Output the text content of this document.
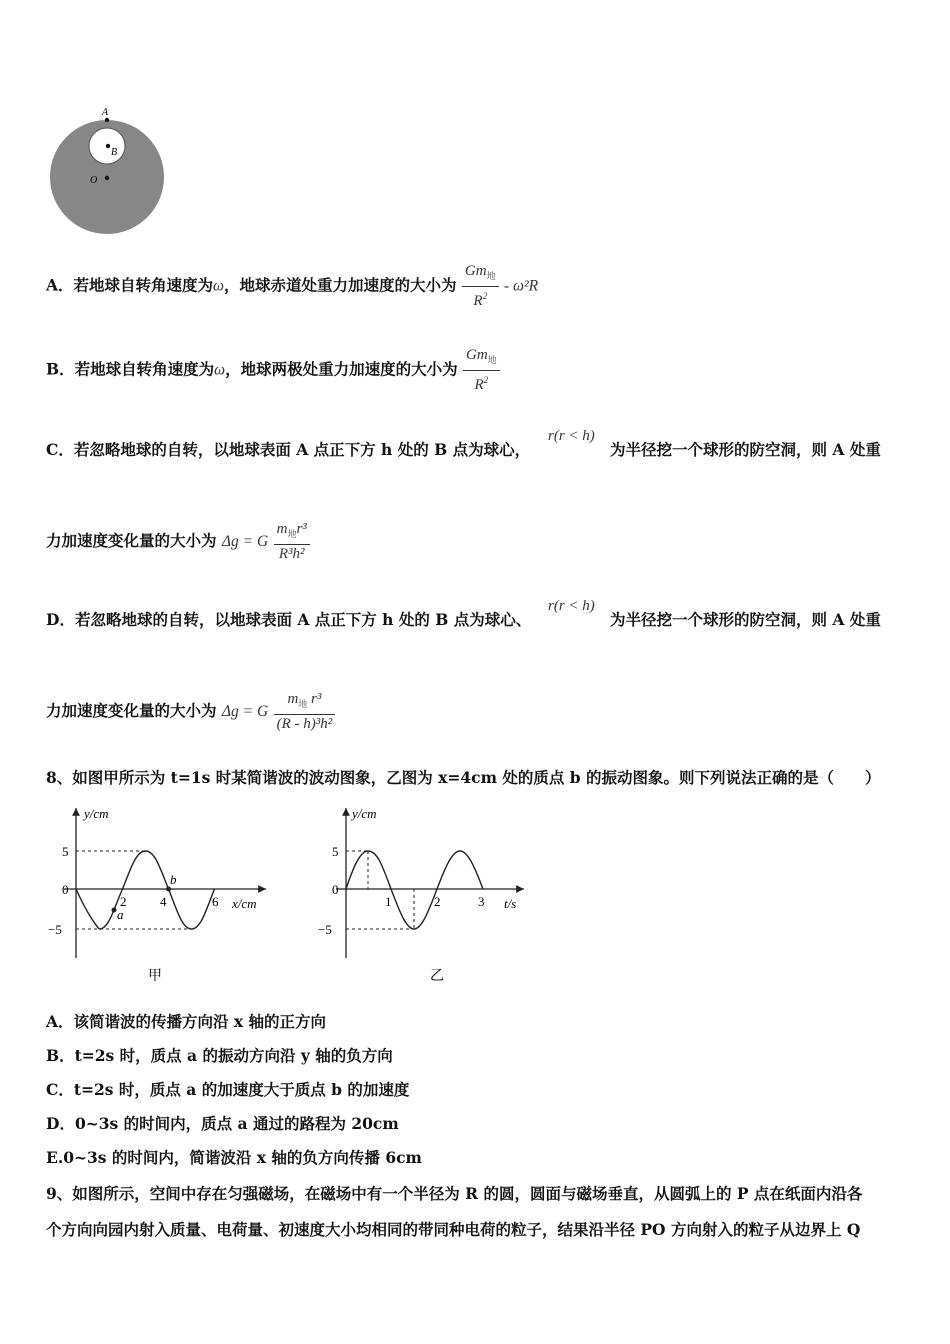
A
B
O
A．若地球自转角速度为ω，地球赤道处重力加速度的大小为 $\frac{Gm_地}{R^2} - \omega^2R$
B．若地球自转角速度为ω，地球两极处重力加速度的大小为 $\frac{Gm_地}{R^2}$
C．若忽略地球的自转，以地球表面 A 点正下方 h 处的 B 点为球心，
r(r < h)
为半径挖一个球形的防空洞，则 A 处重
力加速度变化量的大小为 Δg = G $\frac{m_地r^3}{\text{R³h²}}$
D．若忽略地球的自转，以地球表面 A 点正下方 h 处的 B 点为球心、
r(r < h)
为半径挖一个球形的防空洞，则 A 处重
力加速度变化量的大小为 Δg = G $\frac{m_地 r^3}{\text{(R - h)³h²}}$
8、如图甲所示为 t=1s 时某简谐波的波动图象，乙图为 x=4cm 处的质点 b 的振动图象。则下列说法正确的是（　　）
y/cm
x/cm
5
0
−5
2	4	6
a
b
甲
y/cm
t/s
5
0
−5
1	2	3
乙
A．该简谐波的传播方向沿 x 轴的正方向
B．t=2s 时，质点 a 的振动方向沿 y 轴的负方向
C．t=2s 时，质点 a 的加速度大于质点 b 的加速度
D．0~3s 的时间内，质点 a 通过的路程为 20cm
E.0~3s 的时间内，简谐波沿 x 轴的负方向传播 6cm
9、如图所示，空间中存在匀强磁场，在磁场中有一个半径为 R 的圆，圆面与磁场垂直，从圆弧上的 P 点在纸面内沿各
个方向向园内射入质量、电荷量、初速度大小均相同的带同种电荷的粒子，结果沿半径 PO 方向射入的粒子从边界上 Q
